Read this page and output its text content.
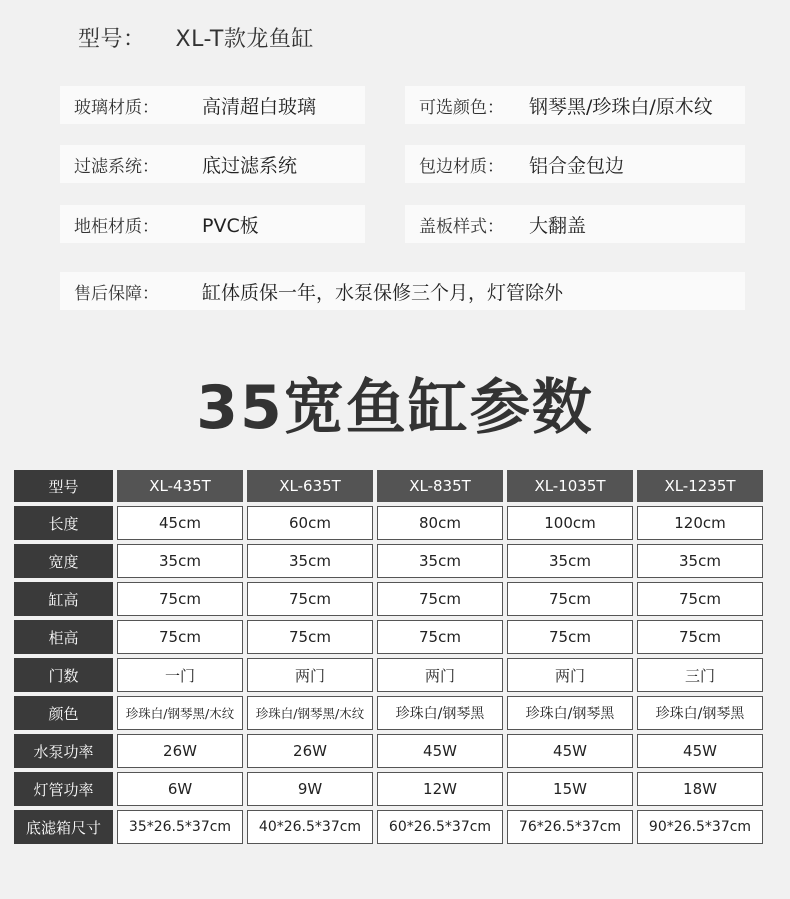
型号： XL-T款龙鱼缸
玻璃材质：	高清超白玻璃	可选颜色：	钢琴黑/珍珠白/原木纹
过滤系统：	底过滤系统	包边材质：	铝合金包边
地柜材质：	PVC板	盖板样式：	大翻盖
售后保障：	缸体质保一年，水泵保修三个月，灯管除外
35宽鱼缸参数
型号	XL-435T	XL-635T	XL-835T	XL-1035T	XL-1235T
长度	45cm	60cm	80cm	100cm	120cm
宽度	35cm	35cm	35cm	35cm	35cm
缸高	75cm	75cm	75cm	75cm	75cm
柜高	75cm	75cm	75cm	75cm	75cm
门数	一门	两门	两门	两门	三门
颜色	珍珠白/钢琴黑/木纹	珍珠白/钢琴黑/木纹	珍珠白/钢琴黑	珍珠白/钢琴黑	珍珠白/钢琴黑
水泵功率	26W	26W	45W	45W	45W
灯管功率	6W	9W	12W	15W	18W
底滤箱尺寸	35*26.5*37cm	40*26.5*37cm	60*26.5*37cm	76*26.5*37cm	90*26.5*37cm
